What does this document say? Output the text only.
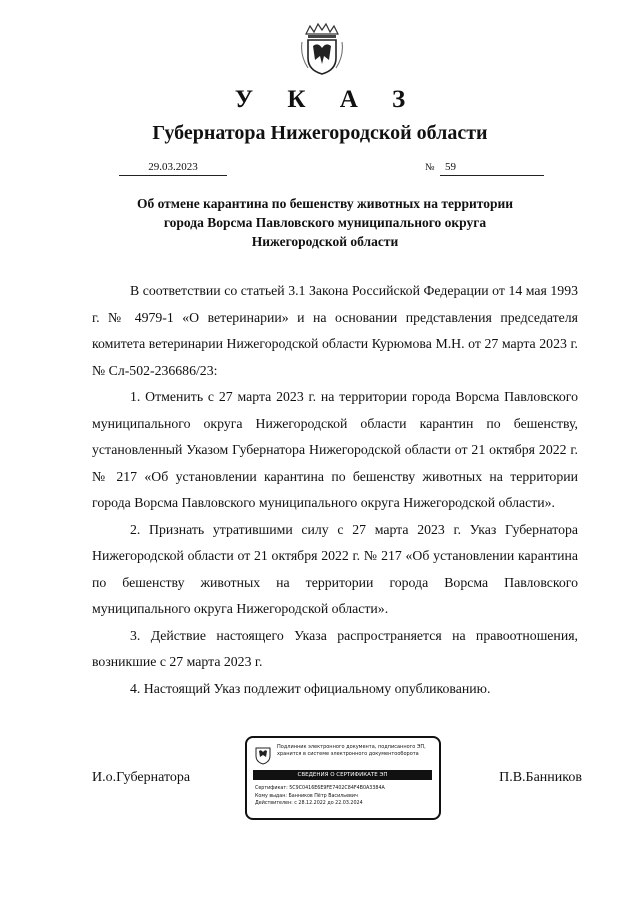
У К А З
Губернатора Нижегородской области
29.03.2023	№ 59
Об отмене карантина по бешенству животных на территории
города Ворсма Павловского муниципального округа
Нижегородской области

В соответствии со статьей 3.1 Закона Российской Федерации от 14 мая 1993 г. № 4979-1 «О ветеринарии» и на основании представления председателя комитета ветеринарии Нижегородской области Курюмова М.Н. от 27 марта 2023 г. № Сл-502-236686/23:

1. Отменить с 27 марта 2023 г. на территории города Ворсма Павловского муниципального округа Нижегородской области карантин по бешенству, установленный Указом Губернатора Нижегородской области от 21 октября 2022 г. № 217 «Об установлении карантина по бешенству животных на территории города Ворсма Павловского муниципального округа Нижегородской области».

2. Признать утратившими силу с 27 марта 2023 г. Указ Губернатора Нижегородской области от 21 октября 2022 г. № 217 «Об установлении карантина по бешенству животных на территории города Ворсма Павловского муниципального округа Нижегородской области».

3. Действие настоящего Указа распространяется на правоотношения, возникшие с 27 марта 2023 г.

4. Настоящий Указ подлежит официальному опубликованию.

И.о.Губернатора	П.В.Банников
Подлинник электронного документа, подписанного ЭП,
хранится в системе электронного документооборота
СВЕДЕНИЯ О СЕРТИФИКАТЕ ЭП
Сертификат: 5C9C0416E6E9FE7402C84F4B0A3384A
Кому выдан: Банников Пётр Васильевич
Действителен: с 28.12.2022 до 22.03.2024
